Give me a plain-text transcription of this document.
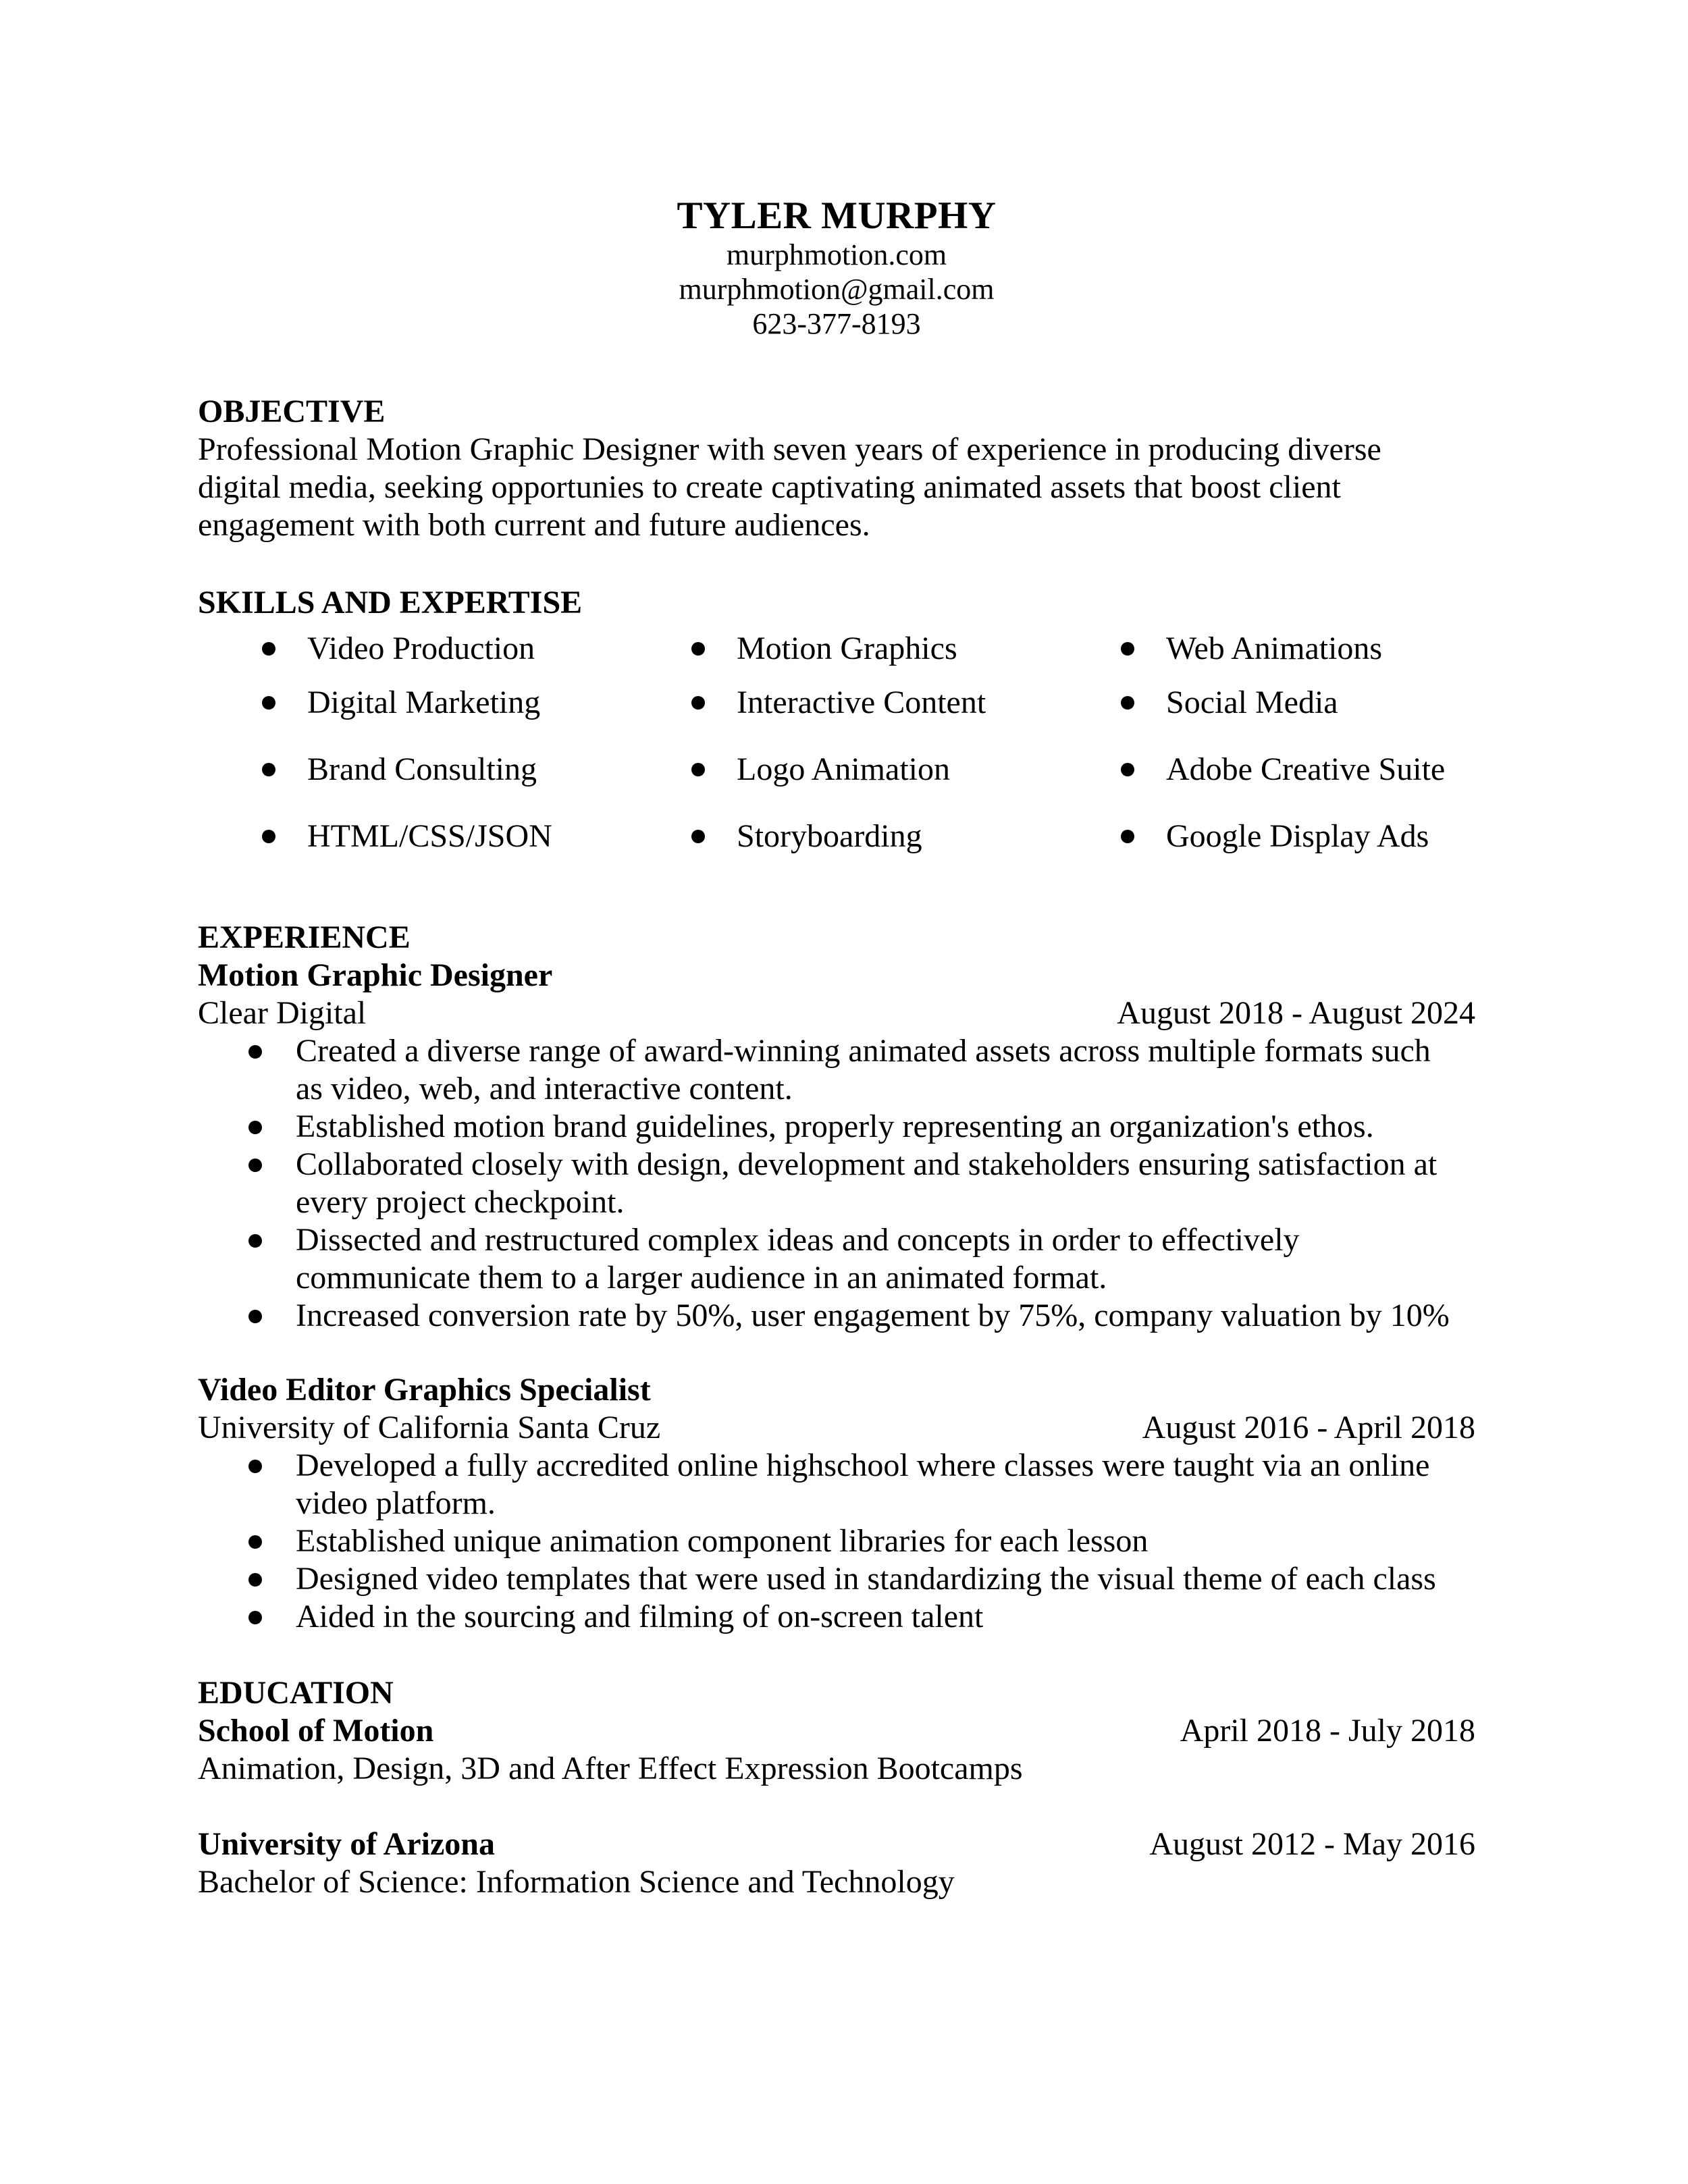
TYLER MURPHY
murphmotion.com
murphmotion@gmail.com
623-377-8193
OBJECTIVE
Professional Motion Graphic Designer with seven years of experience in producing diverse
digital media, seeking opportunies to create captivating animated assets that boost client
engagement with both current and future audiences.
SKILLS AND EXPERTISE
Video Production	Motion Graphics	Web Animations
Digital Marketing	Interactive Content	Social Media
Brand Consulting	Logo Animation	Adobe Creative Suite
HTML/CSS/JSON	Storyboarding	Google Display Ads
EXPERIENCE
Motion Graphic Designer
Clear Digital	August 2018 - August 2024
Created a diverse range of award-winning animated assets across multiple formats such
as video, web, and interactive content.
Established motion brand guidelines, properly representing an organization's ethos.
Collaborated closely with design, development and stakeholders ensuring satisfaction at
every project checkpoint.
Dissected and restructured complex ideas and concepts in order to effectively
communicate them to a larger audience in an animated format.
Increased conversion rate by 50%, user engagement by 75%, company valuation by 10%
Video Editor Graphics Specialist
University of California Santa Cruz	August 2016 - April 2018
Developed a fully accredited online highschool where classes were taught via an online
video platform.
Established unique animation component libraries for each lesson
Designed video templates that were used in standardizing the visual theme of each class
Aided in the sourcing and filming of on-screen talent
EDUCATION
School of Motion	April 2018 - July 2018
Animation, Design, 3D and After Effect Expression Bootcamps
University of Arizona	August 2012 - May 2016
Bachelor of Science: Information Science and Technology
